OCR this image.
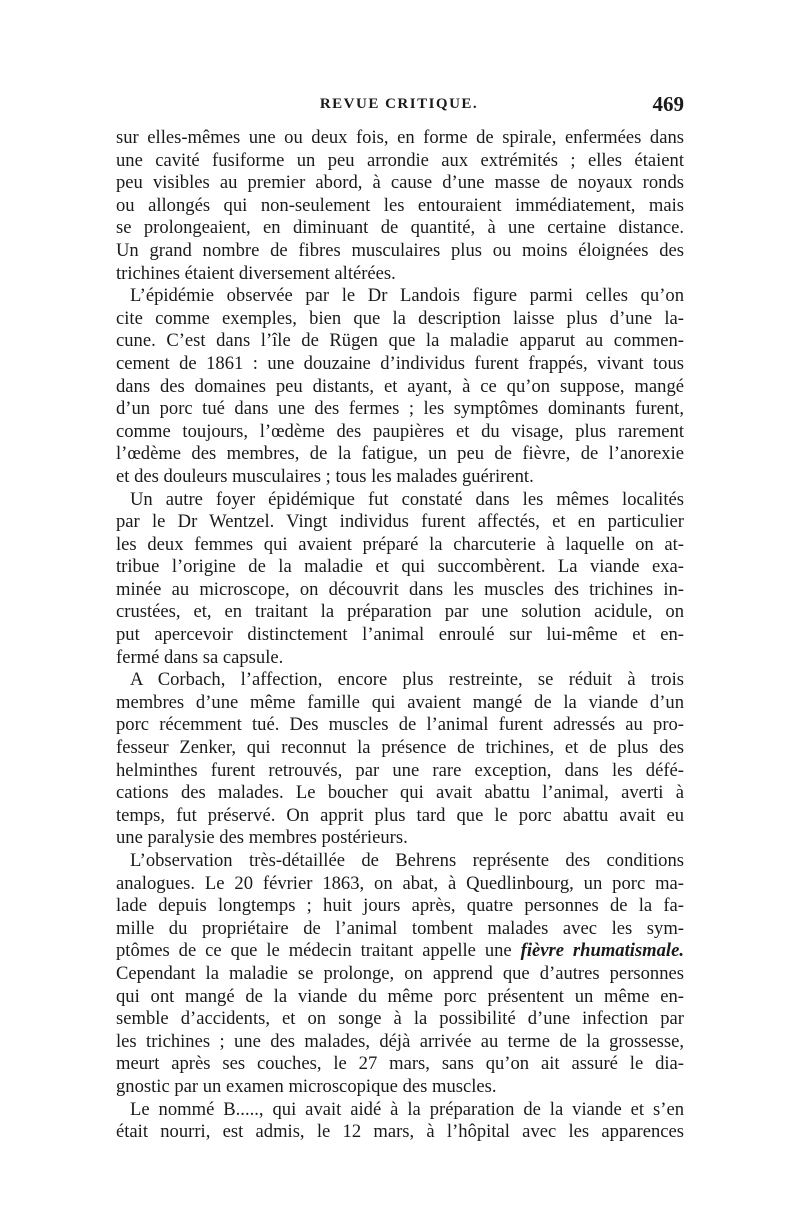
REVUE CRITIQUE.	469
sur elles-mêmes une ou deux fois, en forme de spirale, enfermées dans
une cavité fusiforme un peu arrondie aux extrémités ; elles étaient
peu visibles au premier abord, à cause d’une masse de noyaux ronds
ou allongés qui non-seulement les entouraient immédiatement, mais
se prolongeaient, en diminuant de quantité, à une certaine distance.
Un grand nombre de fibres musculaires plus ou moins éloignées des
trichines étaient diversement altérées.
L’épidémie observée par le Dr Landois figure parmi celles qu’on
cite comme exemples, bien que la description laisse plus d’une la-
cune. C’est dans l’île de Rügen que la maladie apparut au commen-
cement de 1861 : une douzaine d’individus furent frappés, vivant tous
dans des domaines peu distants, et ayant, à ce qu’on suppose, mangé
d’un porc tué dans une des fermes ; les symptômes dominants furent,
comme toujours, l’œdème des paupières et du visage, plus rarement
l’œdème des membres, de la fatigue, un peu de fièvre, de l’anorexie
et des douleurs musculaires ; tous les malades guérirent.
Un autre foyer épidémique fut constaté dans les mêmes localités
par le Dr Wentzel. Vingt individus furent affectés, et en particulier
les deux femmes qui avaient préparé la charcuterie à laquelle on at-
tribue l’origine de la maladie et qui succombèrent. La viande exa-
minée au microscope, on découvrit dans les muscles des trichines in-
crustées, et, en traitant la préparation par une solution acidule, on
put apercevoir distinctement l’animal enroulé sur lui-même et en-
fermé dans sa capsule.
A Corbach, l’affection, encore plus restreinte, se réduit à trois
membres d’une même famille qui avaient mangé de la viande d’un
porc récemment tué. Des muscles de l’animal furent adressés au pro-
fesseur Zenker, qui reconnut la présence de trichines, et de plus des
helminthes furent retrouvés, par une rare exception, dans les défé-
cations des malades. Le boucher qui avait abattu l’animal, averti à
temps, fut préservé. On apprit plus tard que le porc abattu avait eu
une paralysie des membres postérieurs.
L’observation très-détaillée de Behrens représente des conditions
analogues. Le 20 février 1863, on abat, à Quedlinbourg, un porc ma-
lade depuis longtemps ; huit jours après, quatre personnes de la fa-
mille du propriétaire de l’animal tombent malades avec les sym-
ptômes de ce que le médecin traitant appelle une fièvre rhumatismale.
Cependant la maladie se prolonge, on apprend que d’autres personnes
qui ont mangé de la viande du même porc présentent un même en-
semble d’accidents, et on songe à la possibilité d’une infection par
les trichines ; une des malades, déjà arrivée au terme de la grossesse,
meurt après ses couches, le 27 mars, sans qu’on ait assuré le dia-
gnostic par un examen microscopique des muscles.
Le nommé B....., qui avait aidé à la préparation de la viande et s’en
était nourri, est admis, le 12 mars, à l’hôpital avec les apparences
